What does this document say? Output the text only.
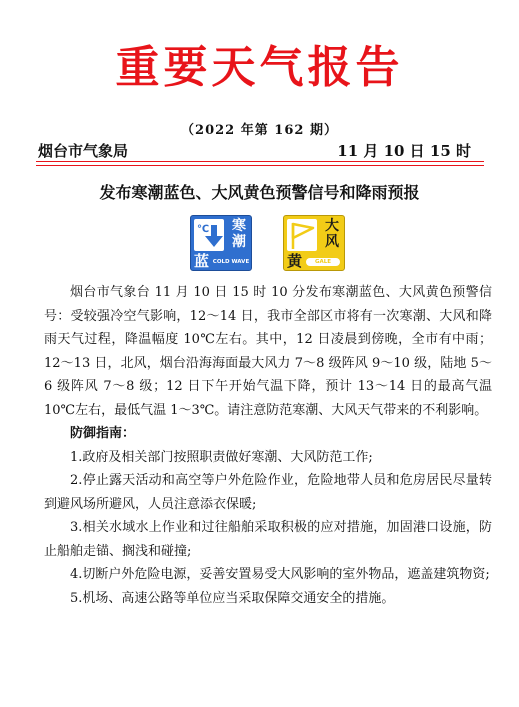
重要天气报告
（2022 年第 162 期）
烟台市气象局	11 月 10 日 15 时
发布寒潮蓝色、大风黄色预警信号和降雨预报
℃ 寒
潮
蓝 COLD WAVE
大
风
黄	GALE

烟台市气象台 11 月 10 日 15 时 10 分发布寒潮蓝色、大风黄色预警信号：受较强冷空气影响，12～14 日，我市全部区市将有一次寒潮、大风和降雨天气过程，降温幅度 10℃左右。其中，12 日凌晨到傍晚，全市有中雨；12～13 日，北风，烟台沿海海面最大风力 7～8 级阵风 9～10 级，陆地 5～6 级阵风 7～8 级；12 日下午开始气温下降，预计 13～14 日的最高气温 10℃左右，最低气温 1～3℃。请注意防范寒潮、大风天气带来的不利影响。

防御指南：

1.政府及相关部门按照职责做好寒潮、大风防范工作;

2.停止露天活动和高空等户外危险作业，危险地带人员和危房居民尽量转到避风场所避风，人员注意添衣保暖;

3.相关水域水上作业和过往船舶采取积极的应对措施，加固港口设施，防止船舶走锚、搁浅和碰撞;

4.切断户外危险电源，妥善安置易受大风影响的室外物品，遮盖建筑物资;

5.机场、高速公路等单位应当采取保障交通安全的措施。
